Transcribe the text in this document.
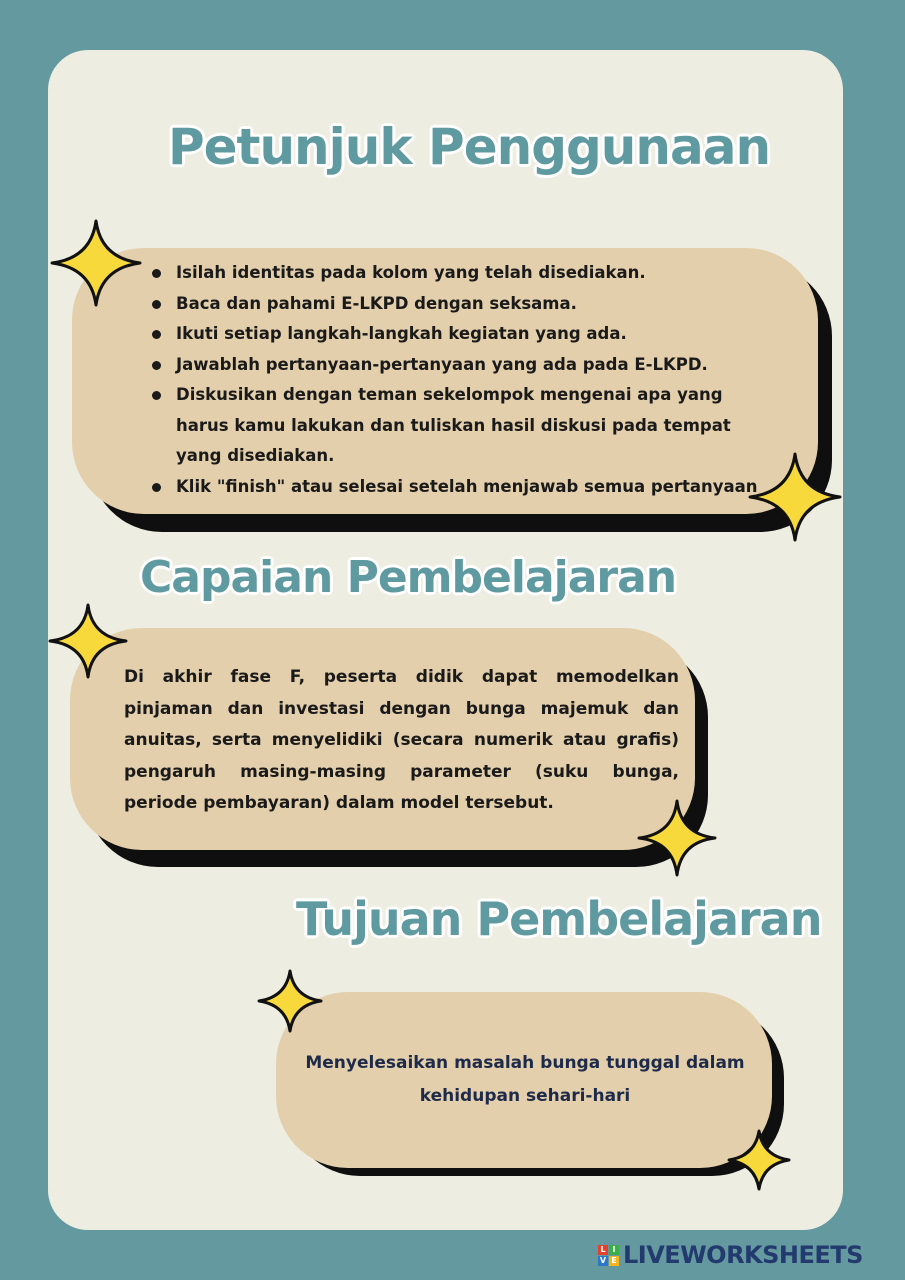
Petunjuk Penggunaan
Isilah identitas pada kolom yang telah disediakan.
Baca dan pahami E-LKPD dengan seksama.
Ikuti setiap langkah-langkah kegiatan yang ada.
Jawablah pertanyaan-pertanyaan yang ada pada E-LKPD.
Diskusikan dengan teman sekelompok mengenai apa yang harus kamu lakukan dan tuliskan hasil diskusi pada tempat yang disediakan.
Klik "finish" atau selesai setelah menjawab semua pertanyaan
Capaian Pembelajaran

Di akhir fase F, peserta didik dapat memodelkan pinjaman dan investasi dengan bunga majemuk dan anuitas, serta menyelidiki (secara numerik atau grafis) pengaruh masing-masing parameter (suku bunga, periode pembayaran) dalam model tersebut.

Tujuan Pembelajaran

Menyelesaikan masalah bunga tunggal dalam kehidupan sehari-hari

L I
V E LIVEWORKSHEETS
